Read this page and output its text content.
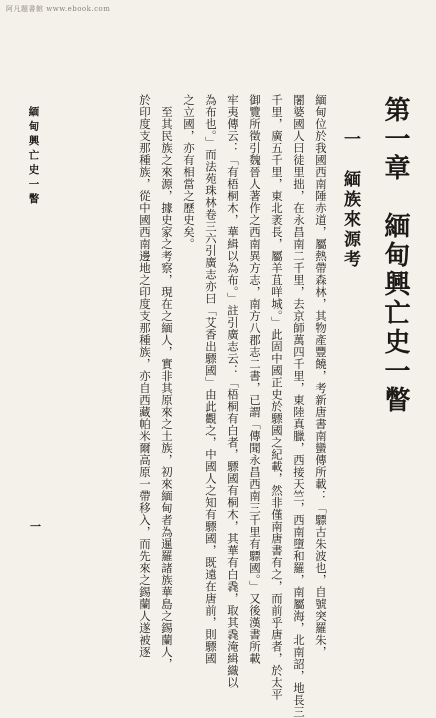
阿凡題書館 www.ebook.com
第一章　緬甸興亡史一瞥
一　緬族來源考
緬甸位於我國西南陲赤道，屬熱帶森林，其物產豐饒，考新唐書南蠻傳所載：「驃古朱波也，自號突羅朱，
闍婆國人曰徒里拙，在永昌南二千里，去京師萬四千里，東陸真臘，西接天竺，西南墮和羅，南屬海，北南詔，地長三
千里，廣五千里，東北袤長，屬羊苴咩城。」此固中國正史於驃國之紀載，然非僅南唐書有之，而前乎唐者，於太平
御覽所徵引魏晉人著作之西南異方志，南方八郡志二書，已謂「傳聞永昌西南三千里有驃國。」又後漢書所載
牢夷傳云：「有梧桐木，華緝以為布。」註引廣志云：「梧桐有白者，驃國有桐木，其華有白毳，取其毳淹緝織以
為布也。」而法苑珠林卷三六引廣志亦曰「艾香出驃國」由此觀之，中國人之知有驃國，既遠在唐前，則驃國
之立國，亦有相當之歷史矣。
至其民族之來源，據史家之考察，現在之緬人，實非其原來之土族，初來緬甸者為暹羅諸族華島之錫蘭人，
於印度支那種族，從中國西南邊地之印度支那種族，亦自西藏帕米爾高原一帶移入，而先來之錫蘭人遂被逐
緬甸興亡史一瞥
一
